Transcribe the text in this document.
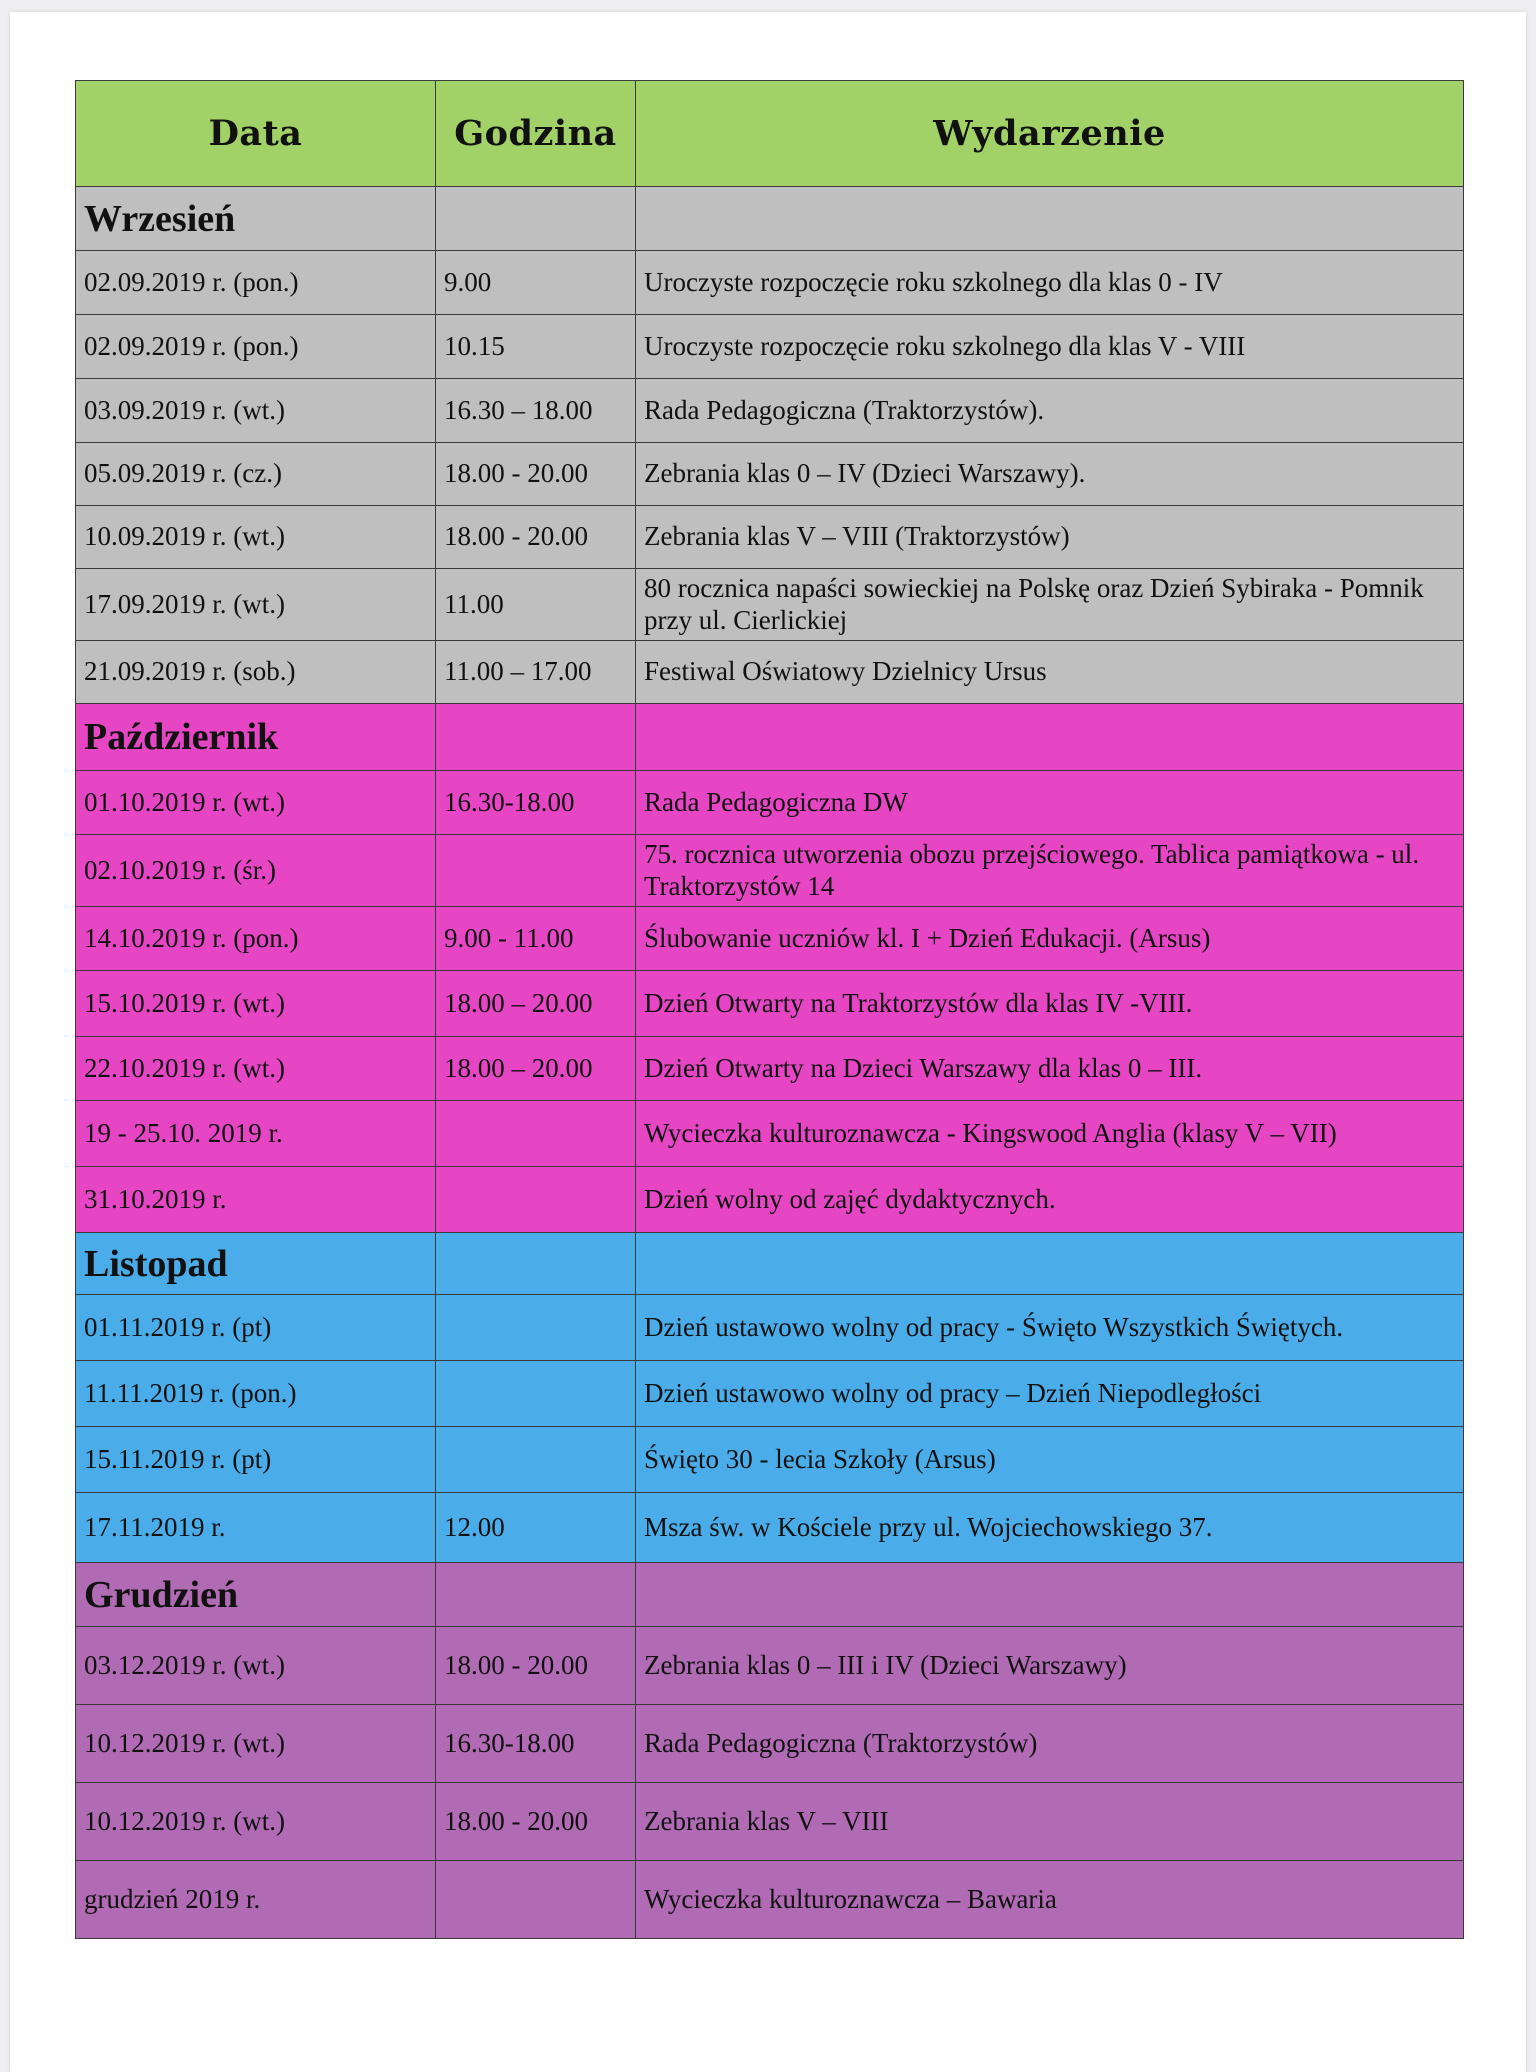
Data	Godzina	Wydarzenie
Wrzesień		
02.09.2019 r. (pon.)	9.00	Uroczyste rozpoczęcie roku szkolnego dla klas 0 - IV
02.09.2019 r. (pon.)	10.15	Uroczyste rozpoczęcie roku szkolnego dla klas V - VIII
03.09.2019 r. (wt.)	16.30 – 18.00	Rada Pedagogiczna (Traktorzystów).
05.09.2019 r. (cz.)	18.00 - 20.00	Zebrania klas 0 – IV (Dzieci Warszawy).
10.09.2019 r. (wt.)	18.00 - 20.00	Zebrania klas V – VIII (Traktorzystów)
17.09.2019 r. (wt.)	11.00	80 rocznica napaści sowieckiej na Polskę oraz Dzień Sybiraka - Pomnik przy ul. Cierlickiej
21.09.2019 r. (sob.)	11.00 – 17.00	Festiwal Oświatowy Dzielnicy Ursus
Październik		
01.10.2019 r. (wt.)	16.30-18.00	Rada Pedagogiczna DW
02.10.2019 r. (śr.)		75. rocznica utworzenia obozu przejściowego. Tablica pamiątkowa - ul. Traktorzystów 14
14.10.2019 r. (pon.)	9.00 - 11.00	Ślubowanie uczniów kl. I + Dzień Edukacji. (Arsus)
15.10.2019 r. (wt.)	18.00 – 20.00	Dzień Otwarty na Traktorzystów dla klas IV -VIII.
22.10.2019 r. (wt.)	18.00 – 20.00	Dzień Otwarty na Dzieci Warszawy dla klas 0 – III.
19 - 25.10. 2019 r.		Wycieczka kulturoznawcza - Kingswood Anglia (klasy V – VII)
31.10.2019 r.		Dzień wolny od zajęć dydaktycznych.
Listopad		
01.11.2019 r. (pt)		Dzień ustawowo wolny od pracy - Święto Wszystkich Świętych.
11.11.2019 r. (pon.)		Dzień ustawowo wolny od pracy – Dzień Niepodległości
15.11.2019 r. (pt)		Święto 30 - lecia Szkoły (Arsus)
17.11.2019 r.	12.00	Msza św. w Kościele przy ul. Wojciechowskiego 37.
Grudzień		
03.12.2019 r. (wt.)	18.00 - 20.00	Zebrania klas 0 – III i IV (Dzieci Warszawy)
10.12.2019 r. (wt.)	16.30-18.00	Rada Pedagogiczna (Traktorzystów)
10.12.2019 r. (wt.)	18.00 - 20.00	Zebrania klas V – VIII
grudzień 2019 r.		Wycieczka kulturoznawcza – Bawaria
